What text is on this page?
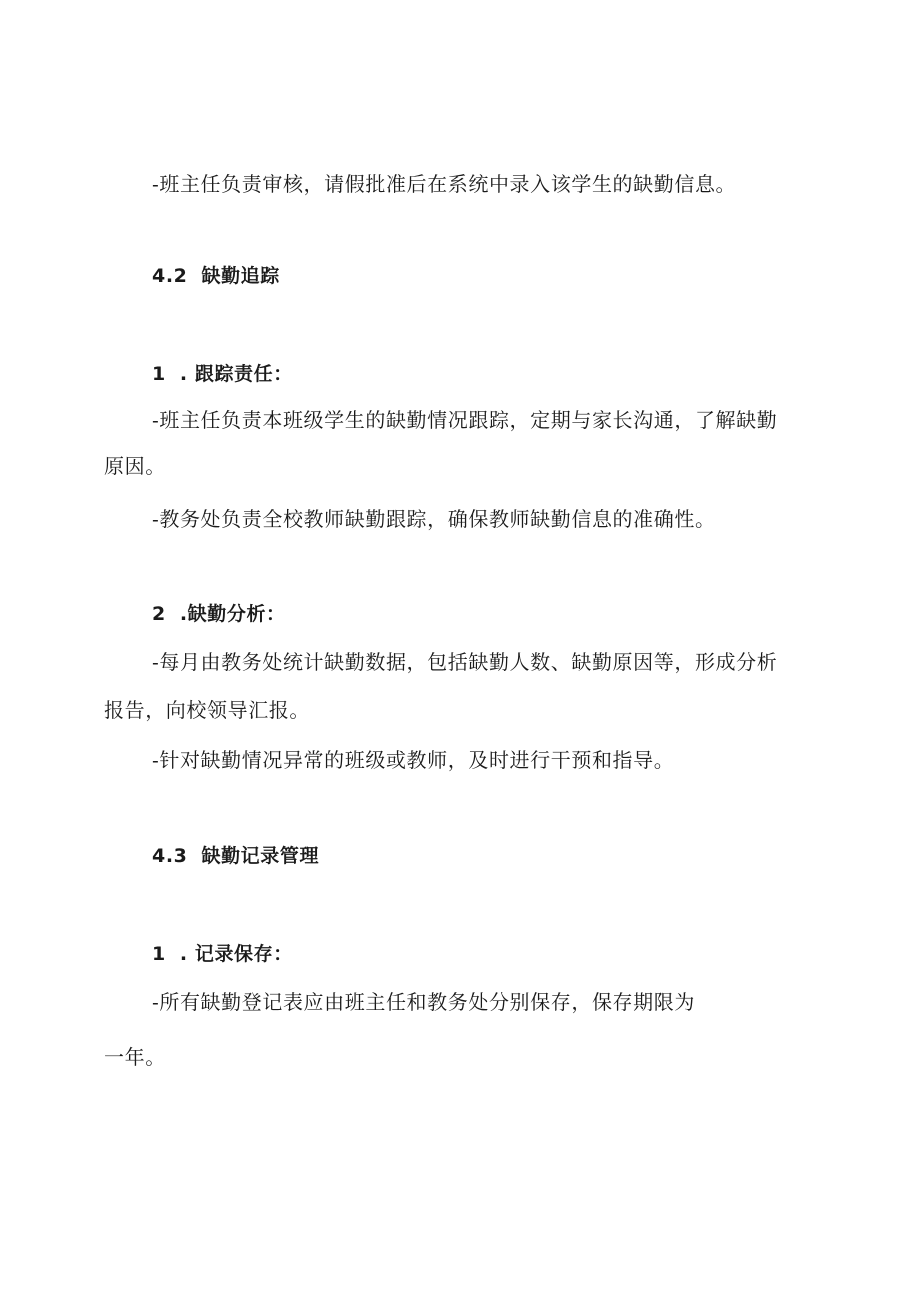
-班主任负责审核，请假批准后在系统中录入该学生的缺勤信息。
4.2 缺勤追踪
1 . 跟踪责任：
-班主任负责本班级学生的缺勤情况跟踪，定期与家长沟通，了解缺勤
原因。
-教务处负责全校教师缺勤跟踪，确保教师缺勤信息的准确性。
2 .缺勤分析：
-每月由教务处统计缺勤数据，包括缺勤人数、缺勤原因等，形成分析
报告，向校领导汇报。
-针对缺勤情况异常的班级或教师，及时进行干预和指导。
4.3 缺勤记录管理
1 . 记录保存：
-所有缺勤登记表应由班主任和教务处分别保存，保存期限为
一年。
